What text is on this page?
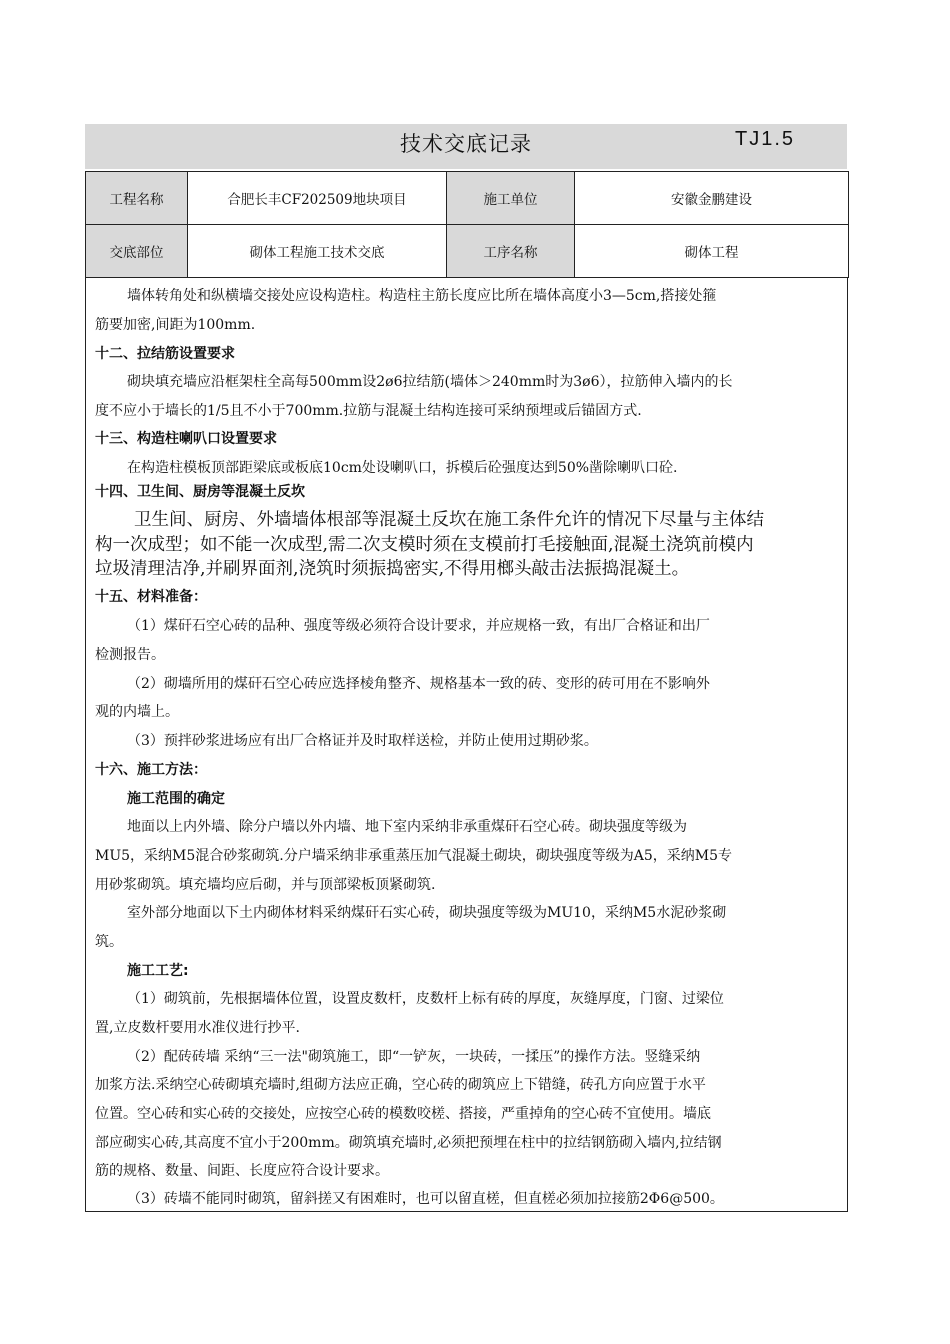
技术交底记录	TJ1.5
工程名称	合肥长丰CF202509地块项目	施工单位	安徽金鹏建设
交底部位	砌体工程施工技术交底	工序名称	砌体工程
墙体转角处和纵横墙交接处应设构造柱。构造柱主筋长度应比所在墙体高度小3—5cm,搭接处箍
筋要加密,间距为100mm.
十二、拉结筋设置要求
砌块填充墙应沿框架柱全高每500mm设2ø6拉结筋(墙体＞240mm时为3ø6），拉筋伸入墙内的长
度不应小于墙长的1/5且不小于700mm.拉筋与混凝土结构连接可采纳预埋或后锚固方式.
十三、构造柱喇叭口设置要求
在构造柱模板顶部距梁底或板底10cm处设喇叭口，拆模后砼强度达到50%凿除喇叭口砼.
十四、卫生间、厨房等混凝土反坎
卫生间、厨房、外墙墙体根部等混凝土反坎在施工条件允许的情况下尽量与主体结
构一次成型；如不能一次成型,需二次支模时须在支模前打毛接触面,混凝土浇筑前模内
垃圾清理洁净,并刷界面剂,浇筑时须振捣密实,不得用榔头敲击法振捣混凝土。
十五、材料准备：
（1）煤矸石空心砖的品种、强度等级必须符合设计要求，并应规格一致，有出厂合格证和出厂
检测报告。
（2）砌墙所用的煤矸石空心砖应选择棱角整齐、规格基本一致的砖、变形的砖可用在不影响外
观的内墙上。
（3）预拌砂浆进场应有出厂合格证并及时取样送检，并防止使用过期砂浆。
十六、施工方法：
施工范围的确定
地面以上内外墙、除分户墙以外内墙、地下室内采纳非承重煤矸石空心砖。砌块强度等级为
MU5，采纳M5混合砂浆砌筑.分户墙采纳非承重蒸压加气混凝土砌块，砌块强度等级为A5，采纳M5专
用砂浆砌筑。填充墙均应后砌，并与顶部梁板顶紧砌筑.
室外部分地面以下土内砌体材料采纳煤矸石实心砖，砌块强度等级为MU10，采纳M5水泥砂浆砌
筑。
施工工艺:
（1）砌筑前，先根据墙体位置，设置皮数杆，皮数杆上标有砖的厚度，灰缝厚度，门窗、过梁位
置,立皮数杆要用水准仪进行抄平.
（2）配砖砖墙 采纳“三一法"砌筑施工，即“一铲灰，一块砖，一揉压”的操作方法。竖缝采纳
加浆方法.采纳空心砖砌填充墙时,组砌方法应正确，空心砖的砌筑应上下错缝，砖孔方向应置于水平
位置。空心砖和实心砖的交接处，应按空心砖的模数咬槎、搭接，严重掉角的空心砖不宜使用。墙底
部应砌实心砖,其高度不宜小于200mm。砌筑填充墙时,必须把预埋在柱中的拉结钢筋砌入墙内,拉结钢
筋的规格、数量、间距、长度应符合设计要求。
（3）砖墙不能同时砌筑，留斜搓又有困难时，也可以留直槎，但直槎必须加拉接筋2Φ6@500。
